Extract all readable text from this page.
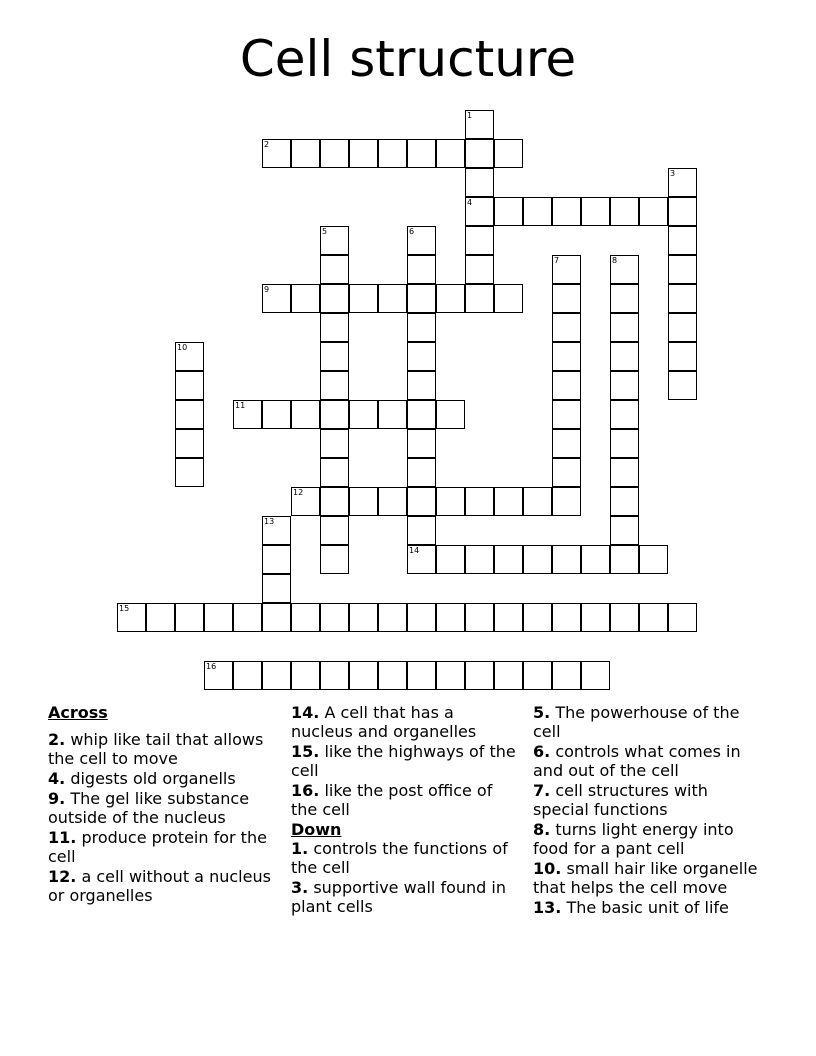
Cell structure
2
4
9
11
12
14
15
16
1
3
5	6
7	8
10
13
Across
2. whip like tail that allows the cell to move
4. digests old organells
9. The gel like substance outside of the nucleus
11. produce protein for the cell
12. a cell without a nucleus or organelles
14. A cell that has a nucleus and organelles
15. like the highways of the cell
16. like the post office of the cell
Down
1. controls the functions of the cell
3. supportive wall found in plant cells
5. The powerhouse of the cell
6. controls what comes in and out of the cell
7. cell structures with special functions
8. turns light energy into food for a pant cell
10. small hair like organelle that helps the cell move
13. The basic unit of life
